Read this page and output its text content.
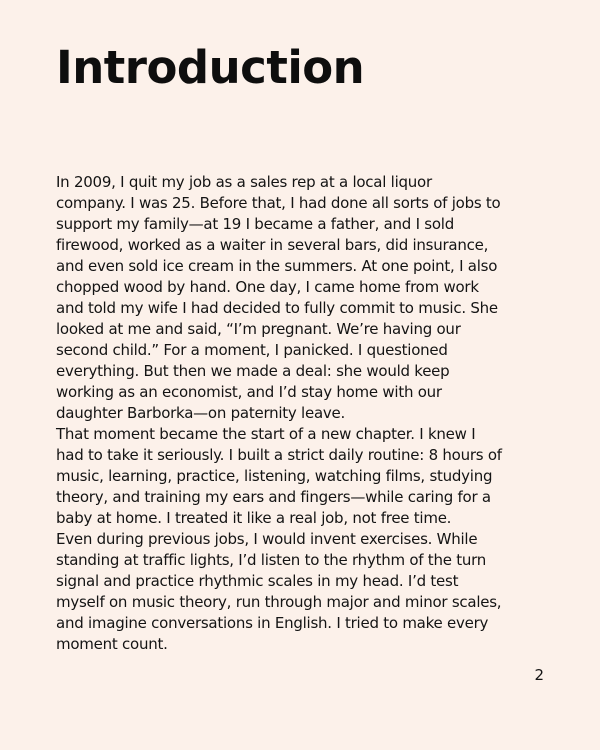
Introduction

In 2009, I quit my job as a sales rep at a local liquor company. I was 25. Before that, I had done all sorts of jobs to support my family—at 19 I became a father, and I sold firewood, worked as a waiter in several bars, did insurance, and even sold ice cream in the summers. At one point, I also chopped wood by hand. One day, I came home from work and told my wife I had decided to fully commit to music. She looked at me and said, “I’m pregnant. We’re having our second child.” For a moment, I panicked. I questioned everything. But then we made a deal: she would keep working as an economist, and I’d stay home with our daughter Barborka—on paternity leave.

That moment became the start of a new chapter. I knew I had to take it seriously. I built a strict daily routine: 8 hours of music, learning, practice, listening, watching films, studying theory, and training my ears and fingers—while caring for a baby at home. I treated it like a real job, not free time.

Even during previous jobs, I would invent exercises. While standing at traffic lights, I’d listen to the rhythm of the turn signal and practice rhythmic scales in my head. I’d test myself on music theory, run through major and minor scales, and imagine conversations in English. I tried to make every moment count.

2
